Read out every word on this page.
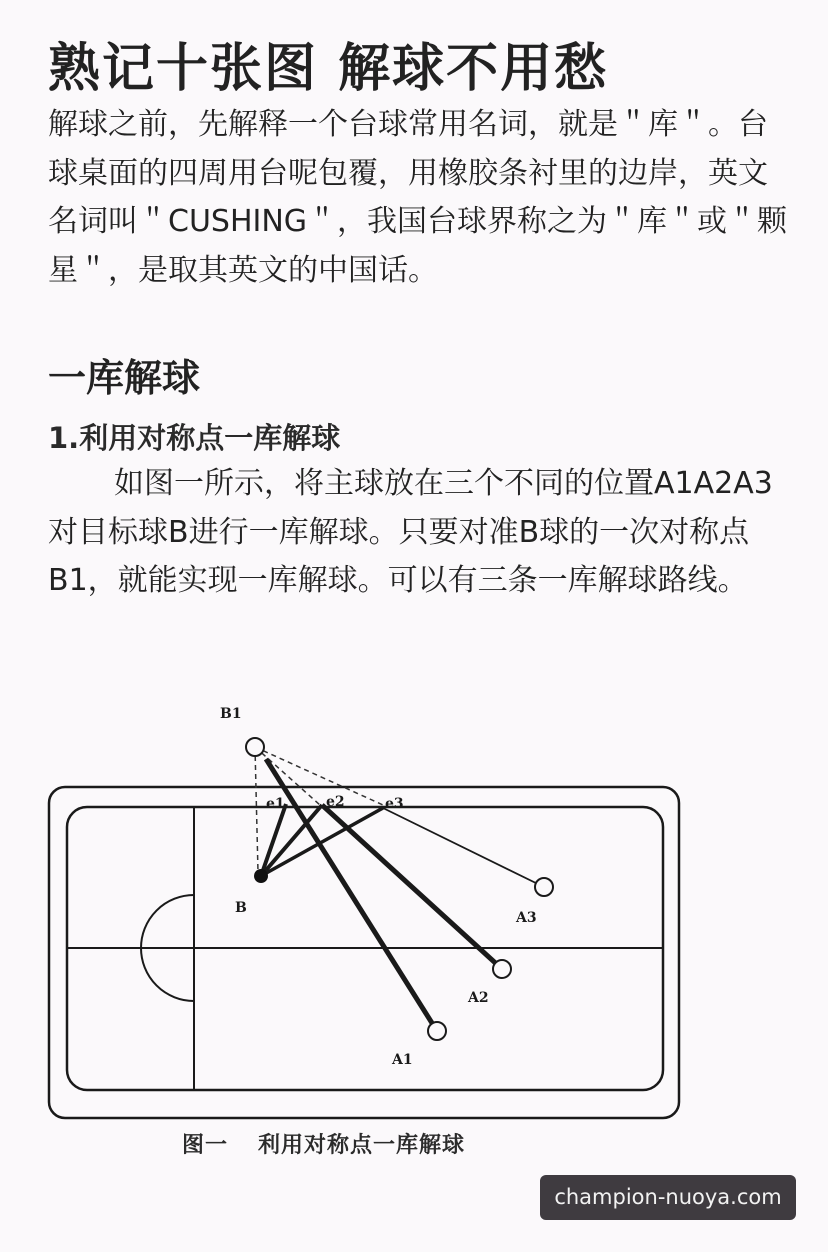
熟记十张图 解球不用愁
解球之前，先解释一个台球常用名词，就是＂库＂。台球桌面的四周用台呢包覆，用橡胶条衬里的边岸，英文名词叫＂CUSHING＂，我国台球界称之为＂库＂或＂颗星＂，是取其英文的中国话。
一库解球
1.利用对称点一库解球
如图一所示，将主球放在三个不同的位置A1A2A3对目标球B进行一库解球。只要对准B球的一次对称点B1，就能实现一库解球。可以有三条一库解球路线。
B1
B
e1	e2	e3
A3
A2
A1
图一 利用对称点一库解球
champion-nuoya.com
